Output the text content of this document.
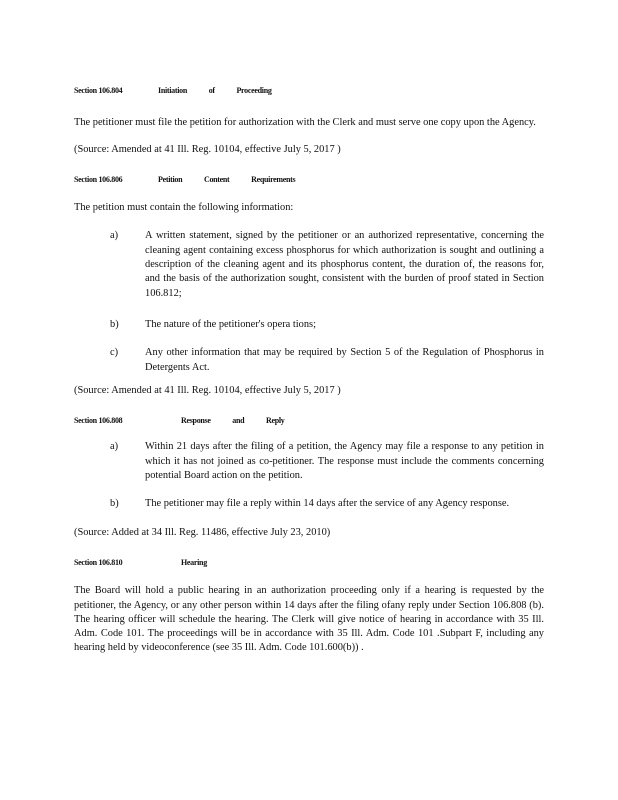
Section 106.804	Initiation of Proceeding

The petitioner must file the petition for authorization with the Clerk and must serve one copy upon the Agency.

(Source: Amended at 41 Ill. Reg. 10104, effective July 5, 2017 )

Section 106.806	Petition Content Requirements

The petition must contain the following information:

a)	A written statement, signed by the petitioner or an authorized representative, concerning the cleaning agent containing excess phosphorus for which authorization is sought and outlining a description of the cleaning agent and its phosphorus content, the duration of, the reasons for, and the basis of the authorization sought, consistent with the burden of proof stated in Section 106.812;
b)	The nature of the petitioner's opera tions;
c)	Any other information that may be required by Section 5 of the Regulation of Phosphorus in Detergents Act.

(Source: Amended at 41 Ill. Reg. 10104, effective July 5, 2017 )

Section 106.808	Response and Reply
a)	Within 21 days after the filing of a petition, the Agency may file a response to any petition in which it has not joined as co-petitioner. The response must include the comments concerning potential Board action on the petition.
b)	The petitioner may file a reply within 14 days after the service of any Agency response.

(Source: Added at 34 Ill. Reg. 11486, effective July 23, 2010)

Section 106.810	Hearing

The Board will hold a public hearing in an authorization proceeding only if a hearing is requested by the petitioner, the Agency, or any other person within 14 days after the filing ofany reply under Section 106.808 (b). The hearing officer will schedule the hearing. The Clerk will give notice of hearing in accordance with 35 Ill. Adm. Code 101. The proceedings will be in accordance with 35 Ill. Adm. Code 101 .Subpart F, including any hearing held by videoconference (see 35 Ill. Adm. Code 101.600(b)) .
